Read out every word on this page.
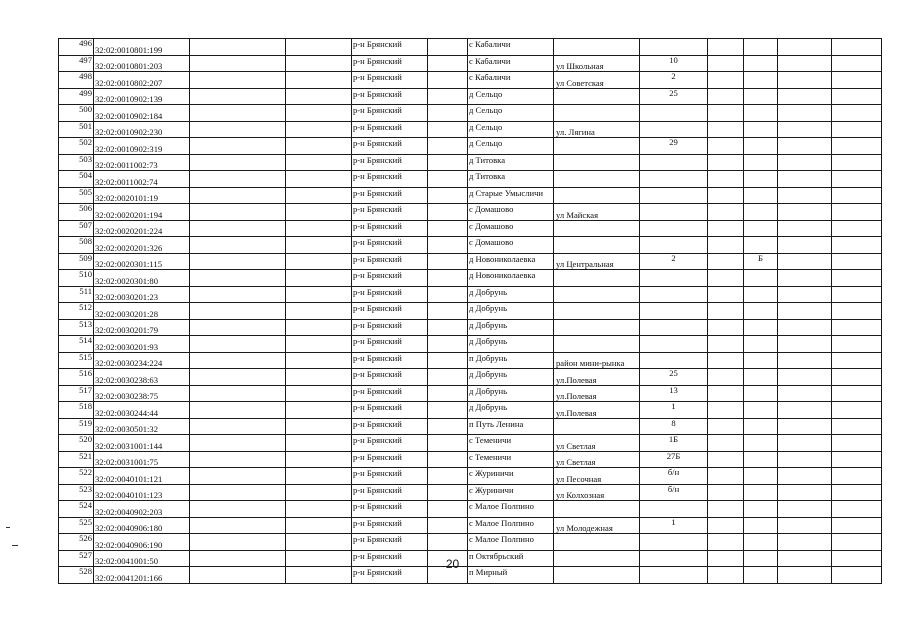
496	32:02:0010801:199			р-н Брянский		с Кабаличи						
497	32:02:0010801:203			р-н Брянский		с Кабаличи	ул Школьная	10				
498	32:02:0010802:207			р-н Брянский		с Кабаличи	ул Советская	2				
499	32:02:0010902:139			р-н Брянский		д Сельцо		25				
500	32:02:0010902:184			р-н Брянский		д Сельцо						
501	32:02:0010902:230			р-н Брянский		д Сельцо	ул. Лягина					
502	32:02:0010902:319			р-н Брянский		д Сельцо		29				
503	32:02:0011002:73			р-н Брянский		д Титовка						
504	32:02:0011002:74			р-н Брянский		д Титовка						
505	32:02:0020101:19			р-н Брянский		д Старые Умысличи						
506	32:02:0020201:194			р-н Брянский		с Домашово	ул Майская					
507	32:02:0020201:224			р-н Брянский		с Домашово						
508	32:02:0020201:326			р-н Брянский		с Домашово						
509	32:02:0020301:115			р-н Брянский		д Новониколаевка	ул Центральная	2		Б		
510	32:02:0020301:80			р-н Брянский		д Новониколаевка						
511	32:02:0030201:23			р-н Брянский		д Добрунь						
512	32:02:0030201:28			р-н Брянский		д Добрунь						
513	32:02:0030201:79			р-н Брянский		д Добрунь						
514	32:02:0030201:93			р-н Брянский		д Добрунь						
515	32:02:0030234:224			р-н Брянский		п Добрунь	район мини-рынка					
516	32:02:0030238:63			р-н Брянский		д Добрунь	ул.Полевая	25				
517	32:02:0030238:75			р-н Брянский		д Добрунь	ул.Полевая	13				
518	32:02:0030244:44			р-н Брянский		д Добрунь	ул.Полевая	1				
519	32:02:0030501:32			р-н Брянский		п Путь Ленина		8				
520	32:02:0031001:144			р-н Брянский		с Теменичи	ул Светлая	1Б				
521	32:02:0031001:75			р-н Брянский		с Теменичи	ул Светлая	27Б				
522	32:02:0040101:121			р-н Брянский		с Журиничи	ул Песочная	б/н				
523	32:02:0040101:123			р-н Брянский		с Журиничи	ул Колхозная	б/н				
524	32:02:0040902:203			р-н Брянский		с Малое Полпино						
525	32:02:0040906:180			р-н Брянский		с Малое Полпино	ул Молодежная	1				
526	32:02:0040906:190			р-н Брянский		с Малое Полпино						
527	32:02:0041001:50			р-н Брянский		п Октябрьский						
528	32:02:0041201:166			р-н Брянский		п Мирный						
20
